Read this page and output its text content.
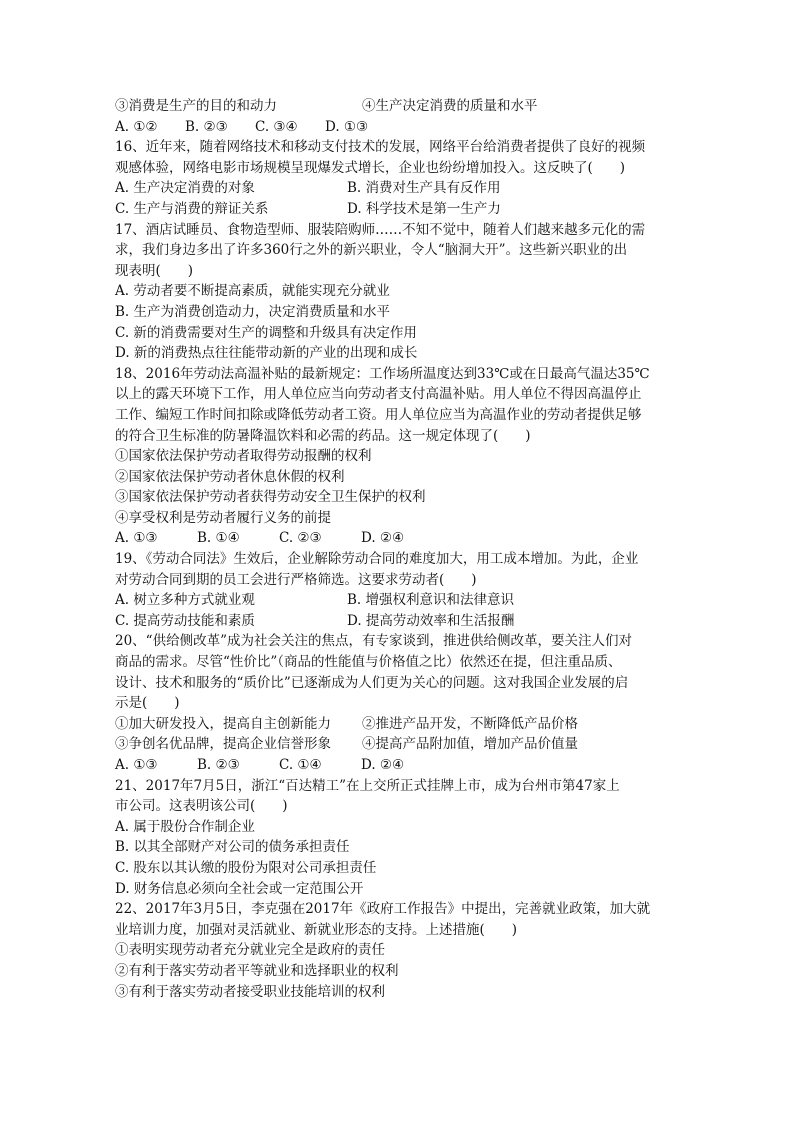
③消费是生产的目的和动力	④生产决定消费的质量和水平
A. ①②	B. ②③	C. ③④	D. ①③
16、近年来，随着网络技术和移动支付技术的发展，网络平台给消费者提供了良好的视频
观感体验，网络电影市场规模呈现爆发式增长，企业也纷纷增加投入。这反映了(　　)
A. 生产决定消费的对象	B. 消费对生产具有反作用
C. 生产与消费的辩证关系	D. 科学技术是第一生产力
17、酒店试睡员、食物造型师、服装陪购师……不知不觉中，随着人们越来越多元化的需
求，我们身边多出了许多360行之外的新兴职业，令人“脑洞大开”。这些新兴职业的出
现表明(　　)
A. 劳动者要不断提高素质，就能实现充分就业
B. 生产为消费创造动力，决定消费质量和水平
C. 新的消费需要对生产的调整和升级具有决定作用
D. 新的消费热点往往能带动新的产业的出现和成长
18、2016年劳动法高温补贴的最新规定：工作场所温度达到33℃或在日最高气温达35℃
以上的露天环境下工作，用人单位应当向劳动者支付高温补贴。用人单位不得因高温停止
工作、编短工作时间扣除或降低劳动者工资。用人单位应当为高温作业的劳动者提供足够
的符合卫生标准的防暑降温饮料和必需的药品。这一规定体现了(　　)
①国家依法保护劳动者取得劳动报酬的权利
②国家依法保护劳动者休息休假的权利
③国家依法保护劳动者获得劳动安全卫生保护的权利
④享受权利是劳动者履行义务的前提
A. ①③	B. ①④	C. ②③	D. ②④
19、《劳动合同法》生效后，企业解除劳动合同的难度加大，用工成本增加。为此，企业
对劳动合同到期的员工会进行严格筛选。这要求劳动者(　　)
A. 树立多种方式就业观	B. 增强权利意识和法律意识
C. 提高劳动技能和素质	D. 提高劳动效率和生活报酬
20、“供给侧改革”成为社会关注的焦点，有专家谈到，推进供给侧改革，要关注人们对
商品的需求。尽管“性价比”（商品的性能值与价格值之比）依然还在提，但注重品质、
设计、技术和服务的“质价比”已逐渐成为人们更为关心的问题。这对我国企业发展的启
示是(　　)
①加大研发投入，提高自主创新能力	②推进产品开发，不断降低产品价格
③争创名优品牌，提高企业信誉形象	④提高产品附加值，增加产品价值量
A. ①③	B. ②③	C. ①④	D. ②④
21、2017年7月5日，浙江“百达精工”在上交所正式挂牌上市，成为台州市第47家上
市公司。这表明该公司(　　)
A. 属于股份合作制企业
B. 以其全部财产对公司的债务承担责任
C. 股东以其认缴的股份为限对公司承担责任
D. 财务信息必须向全社会或一定范围公开
22、2017年3月5日，李克强在2017年《政府工作报告》中提出，完善就业政策，加大就
业培训力度，加强对灵活就业、新就业形态的支持。上述措施(　　)
①表明实现劳动者充分就业完全是政府的责任
②有利于落实劳动者平等就业和选择职业的权利
③有利于落实劳动者接受职业技能培训的权利
